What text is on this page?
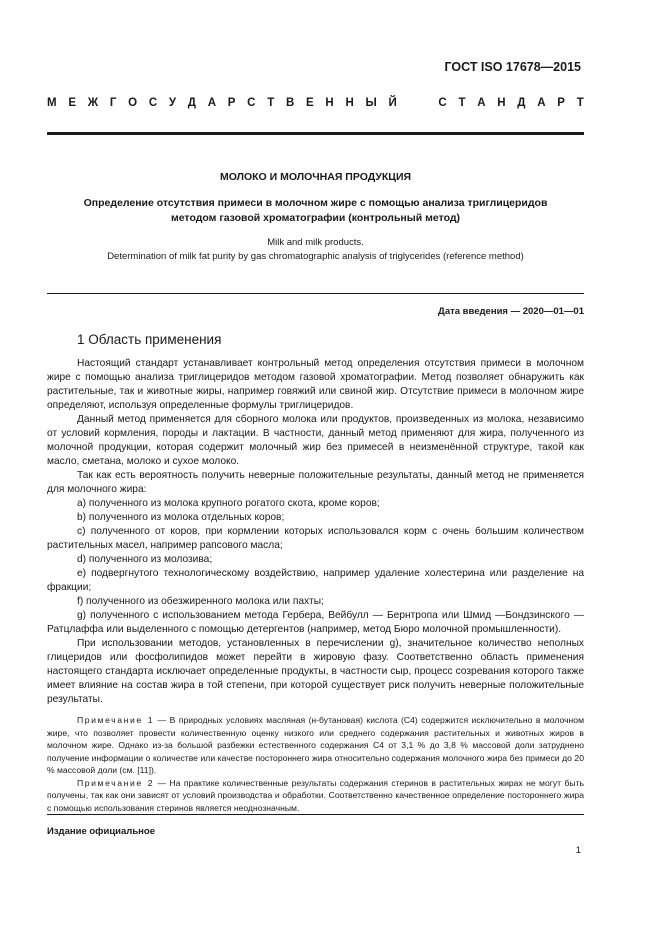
ГОСТ ISO 17678—2015
М Е Ж Г О С У Д А Р С Т В Е Н Н Ы Й

	С Т А Н Д А Р Т
МОЛОКО И МОЛОЧНАЯ ПРОДУКЦИЯ
Определение отсутствия примеси в молочном жире с помощью анализа триглицеридов
методом газовой хроматографии (контрольный метод)
Milk and milk products.
Determination of milk fat purity by gas chromatographic analysis of triglycerides (reference method)
Дата введения — 2020—01—01
1 Область применения

Настоящий стандарт устанавливает контрольный метод определения отсутствия примеси в молочном жире с помощью анализа триглицеридов методом газовой хроматографии. Метод позволяет обнаружить как растительные, так и животные жиры, например говяжий или свиной жир. Отсутствие примеси в молочном жире определяют, используя определенные формулы триглицеридов.

Данный метод применяется для сборного молока или продуктов, произведенных из молока, независимо от условий кормления, породы и лактации. В частности, данный метод применяют для жира, полученного из молочной продукции, которая содержит молочный жир без примесей в неизменённой структуре, такой как масло, сметана, молоко и сухое молоко.

Так как есть вероятность получить неверные положительные результаты, данный метод не применяется для молочного жира:

a) полученного из молока крупного рогатого скота, кроме коров;

b) полученного из молока отдельных коров;

c) полученного от коров, при кормлении которых использовался корм с очень большим количеством растительных масел, например рапсового масла;

d) полученного из молозива;

e) подвергнутого технологическому воздействию, например удаление холестерина или разделение на фракции;

f) полученного из обезжиренного молока или пахты;

g) полученного с использованием метода Гербера, Вейбулл — Бернтропа или Шмид —Бондзинского — Ратцлаффа или выделенного с помощью детергентов (например, метод Бюро молочной промышленности).

При использовании методов, установленных в перечислении g), значительное количество неполных глицеридов или фосфолипидов может перейти в жировую фазу. Соответственно область применения настоящего стандарта исключает определенные продукты, в частности сыр, процесс созревания которого также имеет влияние на состав жира в той степени, при которой существует риск получить неверные положительные результаты.

Примечание 1 — В природных условиях масляная (н-бутановая) кислота (С4) содержится исключительно в молочном жире, что позволяет провести количественную оценку низкого или среднего содержания растительных и животных жиров в молочном жире. Однако из-за большой разбежки естественного содержания С4 от 3,1 % до 3,8 % массовой доли затруднено получение информации о количестве или качестве постороннего жира относительно содержания молочного жира без примеси до 20 % массовой доли (см. [11]).

Примечание 2 — На практике количественные результаты содержания стеринов в растительных жирах не могут быть получены, так как они зависят от условий производства и обработки. Соответственно качественное определение постороннего жира с помощью использования стеринов является неоднозначным.

Издание официальное
1
